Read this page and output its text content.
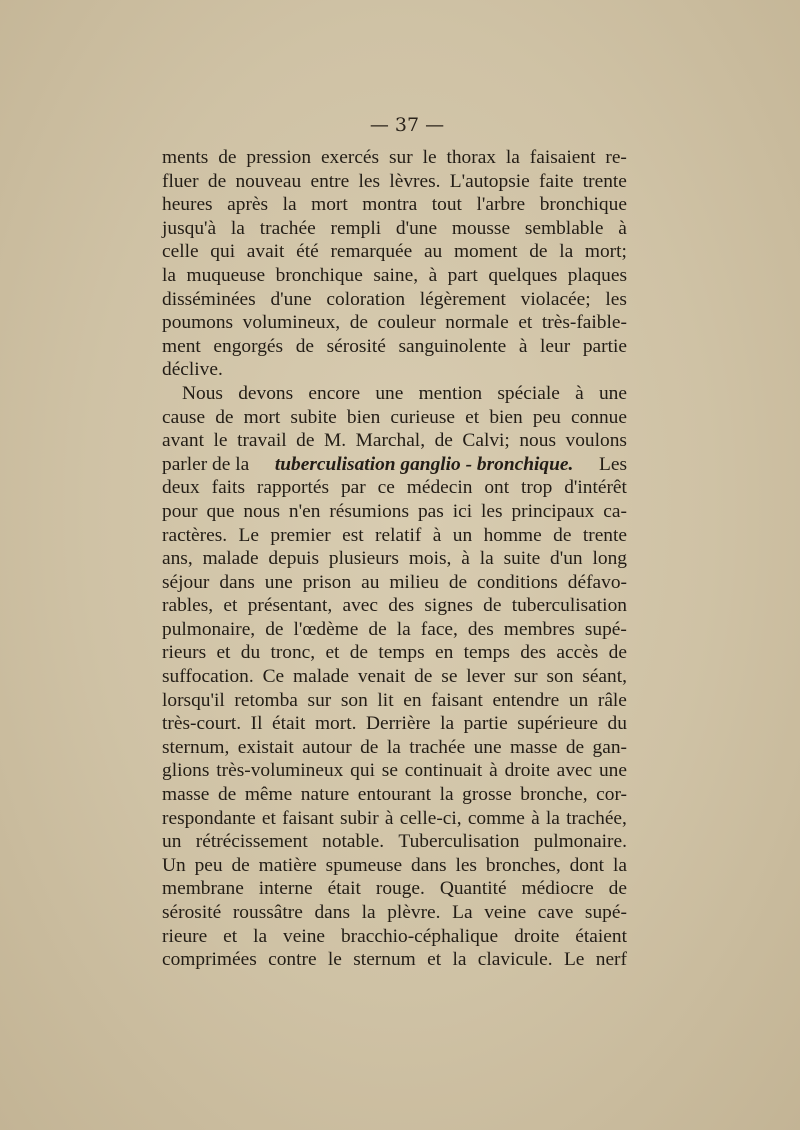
— 37 —
ments de pression exercés sur le thorax la faisaient re-
fluer de nouveau entre les lèvres. L'autopsie faite trente
heures après la mort montra tout l'arbre bronchique
jusqu'à la trachée rempli d'une mousse semblable à
celle qui avait été remarquée au moment de la mort;
la muqueuse bronchique saine, à part quelques plaques
disséminées d'une coloration légèrement violacée; les
poumons volumineux, de couleur normale et très-faible-
ment engorgés de sérosité sanguinolente à leur partie
déclive.
Nous devons encore une mention spéciale à une
cause de mort subite bien curieuse et bien peu connue
avant le travail de M. Marchal, de Calvi; nous voulons
parler de la tuberculisation ganglio - bronchique. Les
deux faits rapportés par ce médecin ont trop d'intérêt
pour que nous n'en résumions pas ici les principaux ca-
ractères. Le premier est relatif à un homme de trente
ans, malade depuis plusieurs mois, à la suite d'un long
séjour dans une prison au milieu de conditions défavo-
rables, et présentant, avec des signes de tuberculisation
pulmonaire, de l'œdème de la face, des membres supé-
rieurs et du tronc, et de temps en temps des accès de
suffocation. Ce malade venait de se lever sur son séant,
lorsqu'il retomba sur son lit en faisant entendre un râle
très-court. Il était mort. Derrière la partie supérieure du
sternum, existait autour de la trachée une masse de gan-
glions très-volumineux qui se continuait à droite avec une
masse de même nature entourant la grosse bronche, cor-
respondante et faisant subir à celle-ci, comme à la trachée,
un rétrécissement notable. Tuberculisation pulmonaire.
Un peu de matière spumeuse dans les bronches, dont la
membrane interne était rouge. Quantité médiocre de
sérosité roussâtre dans la plèvre. La veine cave supé-
rieure et la veine bracchio-céphalique droite étaient
comprimées contre le sternum et la clavicule. Le nerf
